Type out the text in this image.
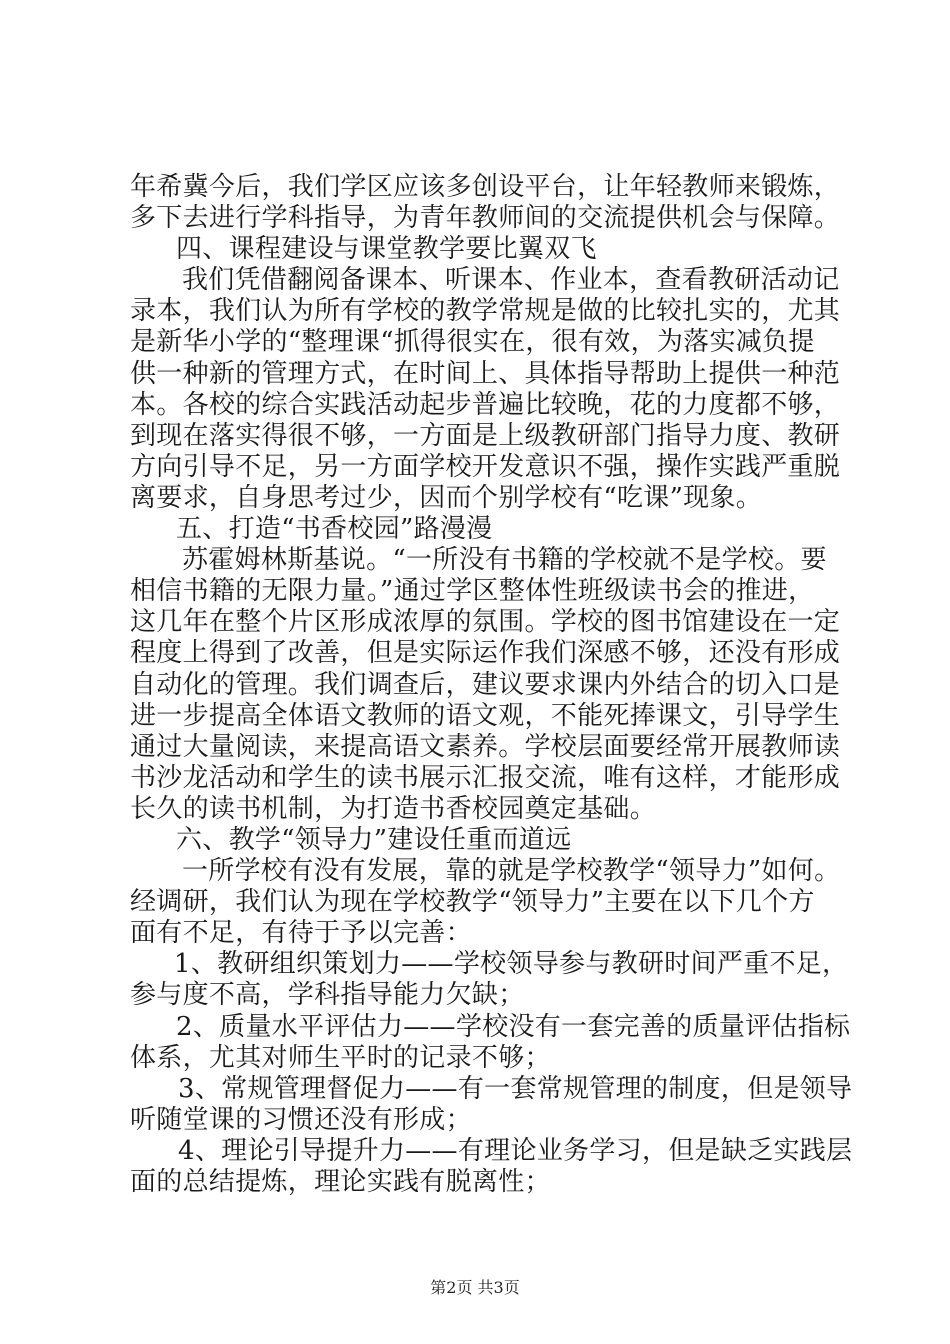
年希冀今后，我们学区应该多创设平台，让年轻教师来锻炼，
多下去进行学科指导，为青年教师间的交流提供机会与保障。
四、课程建设与课堂教学要比翼双飞
我们凭借翻阅备课本、听课本、作业本，查看教研活动记
录本，我们认为所有学校的教学常规是做的比较扎实的，尤其
是新华小学的“整理课“抓得很实在，很有效，为落实减负提
供一种新的管理方式，在时间上、具体指导帮助上提供一种范
本。各校的综合实践活动起步普遍比较晚，花的力度都不够，
到现在落实得很不够，一方面是上级教研部门指导力度、教研
方向引导不足，另一方面学校开发意识不强，操作实践严重脱
离要求，自身思考过少，因而个别学校有“吃课”现象。
五、打造“书香校园”路漫漫
苏霍姆林斯基说。“一所没有书籍的学校就不是学校。要
相信书籍的无限力量。”通过学区整体性班级读书会的推进，
这几年在整个片区形成浓厚的氛围。学校的图书馆建设在一定
程度上得到了改善，但是实际运作我们深感不够，还没有形成
自动化的管理。我们调查后，建议要求课内外结合的切入口是
进一步提高全体语文教师的语文观，不能死捧课文，引导学生
通过大量阅读，来提高语文素养。学校层面要经常开展教师读
书沙龙活动和学生的读书展示汇报交流，唯有这样，才能形成
长久的读书机制，为打造书香校园奠定基础。
六、教学“领导力”建设任重而道远
一所学校有没有发展，靠的就是学校教学“领导力”如何。
经调研，我们认为现在学校教学“领导力”主要在以下几个方
面有不足，有待于予以完善：
1、教研组织策划力——学校领导参与教研时间严重不足，
参与度不高，学科指导能力欠缺；
2、质量水平评估力——学校没有一套完善的质量评估指标
体系，尤其对师生平时的记录不够；
3、常规管理督促力——有一套常规管理的制度，但是领导
听随堂课的习惯还没有形成；
4、理论引导提升力——有理论业务学习，但是缺乏实践层
面的总结提炼，理论实践有脱离性；
第2页 共3页
